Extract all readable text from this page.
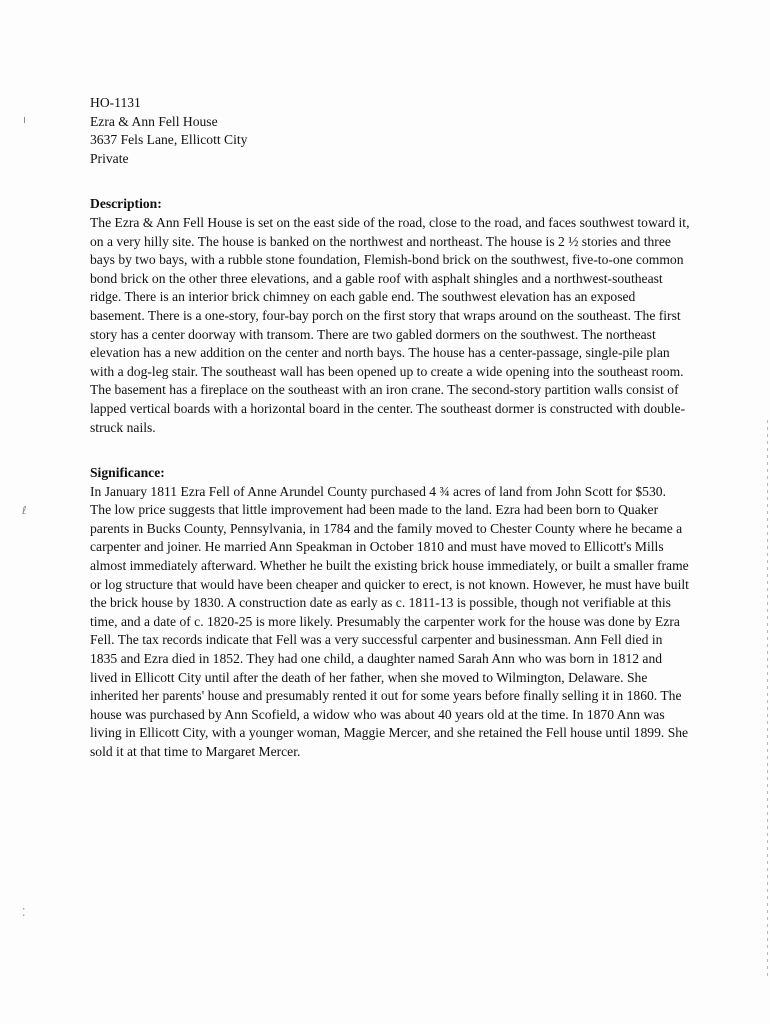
ı
ℓ
⁚
HO-1131
Ezra & Ann Fell House
3637 Fels Lane, Ellicott City
Private
Description:

The Ezra & Ann Fell House is set on the east side of the road, close to the road, and faces southwest toward it, on a very hilly site. The house is banked on the northwest and northeast. The house is 2 ½ stories and three bays by two bays, with a rubble stone foundation, Flemish-bond brick on the southwest, five-to-one common bond brick on the other three elevations, and a gable roof with asphalt shingles and a northwest-southeast ridge. There is an interior brick chimney on each gable end. The southwest elevation has an exposed basement. There is a one-story, four-bay porch on the first story that wraps around on the southeast. The first story has a center doorway with transom. There are two gabled dormers on the southwest. The northeast elevation has a new addition on the center and north bays. The house has a center-passage, single-pile plan with a dog-leg stair. The southeast wall has been opened up to create a wide opening into the southeast room. The basement has a fireplace on the southeast with an iron crane. The second-story partition walls consist of lapped vertical boards with a horizontal board in the center. The southeast dormer is constructed with double-struck nails.

Significance:

In January 1811 Ezra Fell of Anne Arundel County purchased 4 ¾ acres of land from John Scott for $530. The low price suggests that little improvement had been made to the land. Ezra had been born to Quaker parents in Bucks County, Pennsylvania, in 1784 and the family moved to Chester County where he became a carpenter and joiner. He married Ann Speakman in October 1810 and must have moved to Ellicott's Mills almost immediately afterward. Whether he built the existing brick house immediately, or built a smaller frame or log structure that would have been cheaper and quicker to erect, is not known. However, he must have built the brick house by 1830. A construction date as early as c. 1811-13 is possible, though not verifiable at this time, and a date of c. 1820-25 is more likely. Presumably the carpenter work for the house was done by Ezra Fell. The tax records indicate that Fell was a very successful carpenter and businessman. Ann Fell died in 1835 and Ezra died in 1852. They had one child, a daughter named Sarah Ann who was born in 1812 and lived in Ellicott City until after the death of her father, when she moved to Wilmington, Delaware. She inherited her parents' house and presumably rented it out for some years before finally selling it in 1860. The house was purchased by Ann Scofield, a widow who was about 40 years old at the time. In 1870 Ann was living in Ellicott City, with a younger woman, Maggie Mercer, and she retained the Fell house until 1899. She sold it at that time to Margaret Mercer.
